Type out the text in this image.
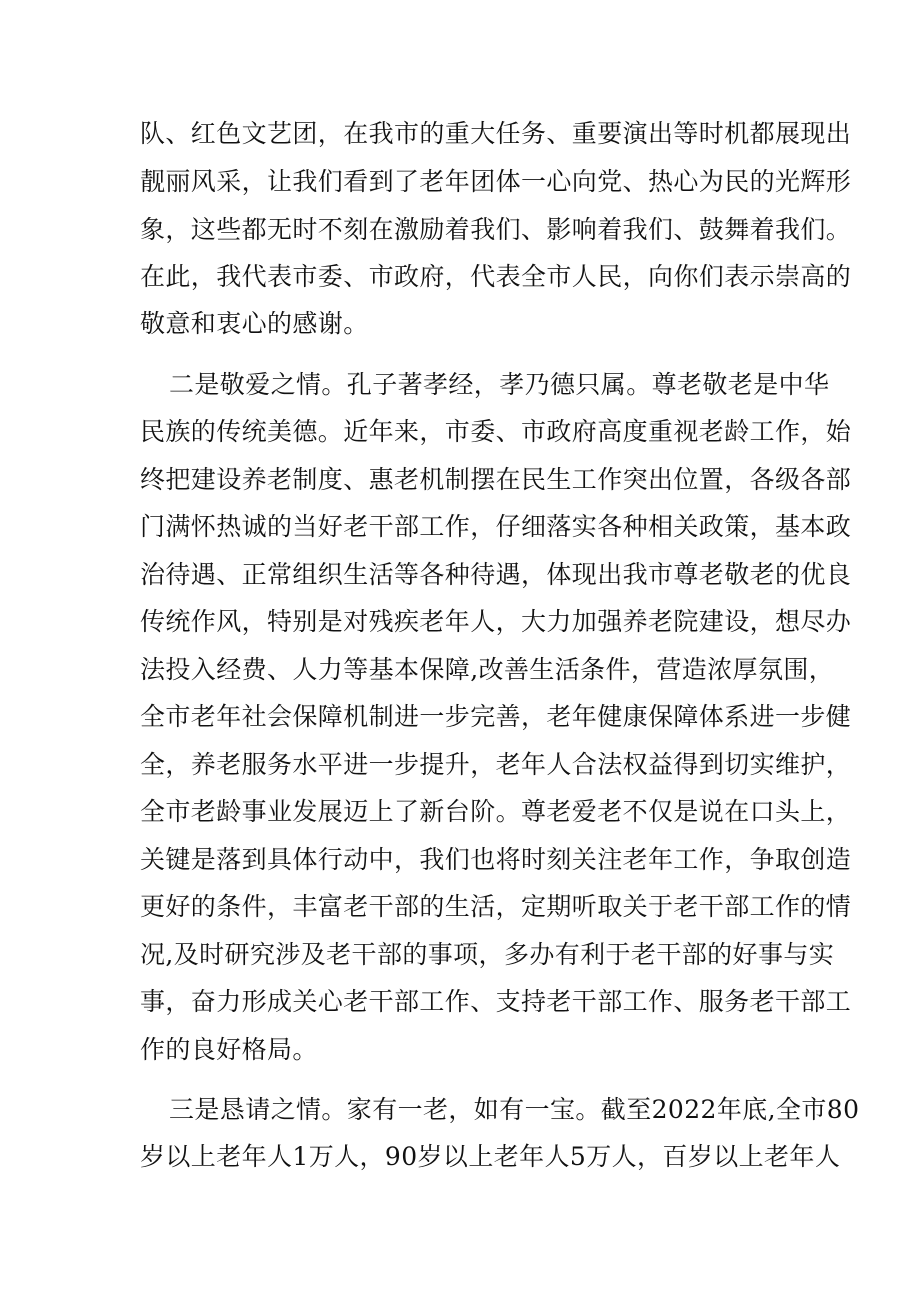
队、红色文艺团，在我市的重大任务、重要演出等时机都展现出
靓丽风采，让我们看到了老年团体一心向党、热心为民的光辉形
象，这些都无时不刻在激励着我们、影响着我们、鼓舞着我们。
在此，我代表市委、市政府，代表全市人民，向你们表示崇高的
敬意和衷心的感谢。
二是敬爱之情。孔子著孝经，孝乃德只属。尊老敬老是中华
民族的传统美德。近年来，市委、市政府高度重视老龄工作，始
终把建设养老制度、惠老机制摆在民生工作突出位置，各级各部
门满怀热诚的当好老干部工作，仔细落实各种相关政策，基本政
治待遇、正常组织生活等各种待遇，体现出我市尊老敬老的优良
传统作风，特别是对残疾老年人，大力加强养老院建设，想尽办
法投入经费、人力等基本保障,改善生活条件，营造浓厚氛围，
全市老年社会保障机制进一步完善，老年健康保障体系进一步健
全，养老服务水平进一步提升，老年人合法权益得到切实维护，
全市老龄事业发展迈上了新台阶。尊老爱老不仅是说在口头上，
关键是落到具体行动中，我们也将时刻关注老年工作，争取创造
更好的条件，丰富老干部的生活，定期听取关于老干部工作的情
况,及时研究涉及老干部的事项，多办有利于老干部的好事与实
事，奋力形成关心老干部工作、支持老干部工作、服务老干部工
作的良好格局。
三是恳请之情。家有一老，如有一宝。截至2022年底,全市80
岁以上老年人1万人，90岁以上老年人5万人，百岁以上老年人
